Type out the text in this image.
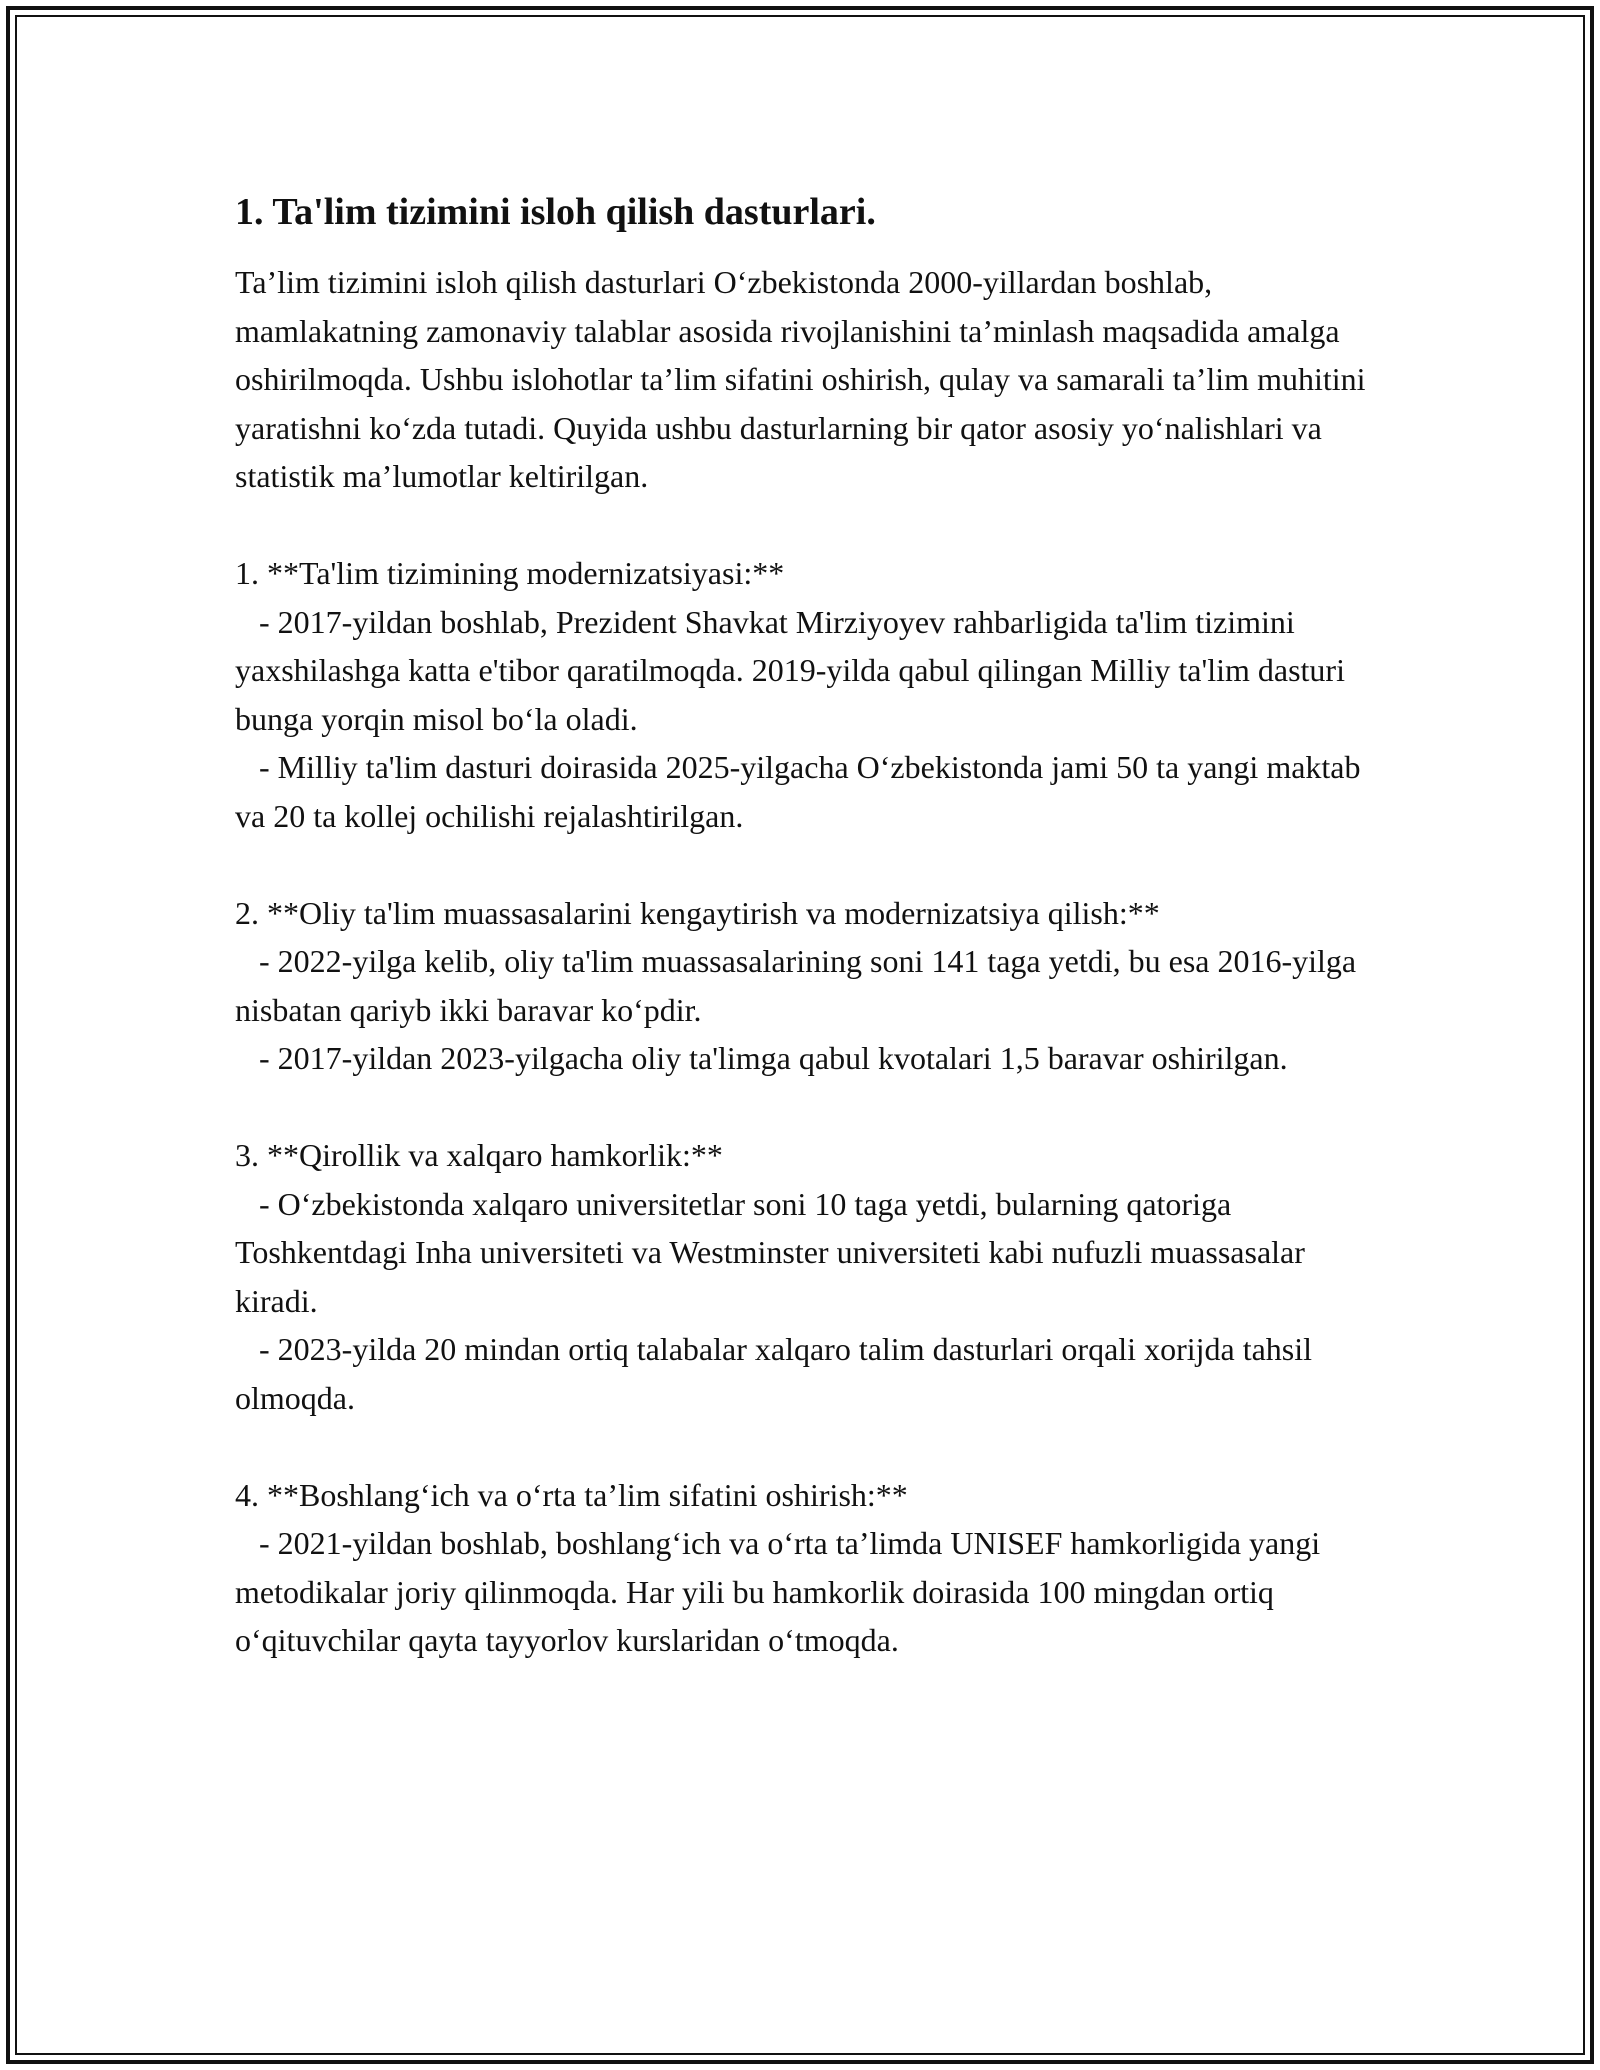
1. Ta'lim tizimini isloh qilish dasturlari.

Ta’lim tizimini isloh qilish dasturlari O‘zbekistonda 2000-yillardan boshlab, mamlakatning zamonaviy talablar asosida rivojlanishini ta’minlash maqsadida amalga oshirilmoqda. Ushbu islohotlar ta’lim sifatini oshirish, qulay va samarali ta’lim muhitini yaratishni ko‘zda tutadi. Quyida ushbu dasturlarning bir qator asosiy yo‘nalishlari va statistik ma’lumotlar keltirilgan.

1. **Ta'lim tizimining modernizatsiyasi:**

- 2017-yildan boshlab, Prezident Shavkat Mirziyoyev rahbarligida ta'lim tizimini yaxshilashga katta e'tibor qaratilmoqda. 2019-yilda qabul qilingan Milliy ta'lim dasturi bunga yorqin misol bo‘la oladi.

- Milliy ta'lim dasturi doirasida 2025-yilgacha O‘zbekistonda jami 50 ta yangi maktab va 20 ta kollej ochilishi rejalashtirilgan.

2. **Oliy ta'lim muassasalarini kengaytirish va modernizatsiya qilish:**

- 2022-yilga kelib, oliy ta'lim muassasalarining soni 141 taga yetdi, bu esa 2016-yilga nisbatan qariyb ikki baravar ko‘pdir.

- 2017-yildan 2023-yilgacha oliy ta'limga qabul kvotalari 1,5 baravar oshirilgan.

3. **Qirollik va xalqaro hamkorlik:**

- O‘zbekistonda xalqaro universitetlar soni 10 taga yetdi, bularning qatoriga Toshkentdagi Inha universiteti va Westminster universiteti kabi nufuzli muassasalar kiradi.

- 2023-yilda 20 mindan ortiq talabalar xalqaro talim dasturlari orqali xorijda tahsil olmoqda.

4. **Boshlang‘ich va o‘rta ta’lim sifatini oshirish:**

- 2021-yildan boshlab, boshlang‘ich va o‘rta ta’limda UNISEF hamkorligida yangi metodikalar joriy qilinmoqda. Har yili bu hamkorlik doirasida 100 mingdan ortiq o‘qituvchilar qayta tayyorlov kurslaridan o‘tmoqda.
